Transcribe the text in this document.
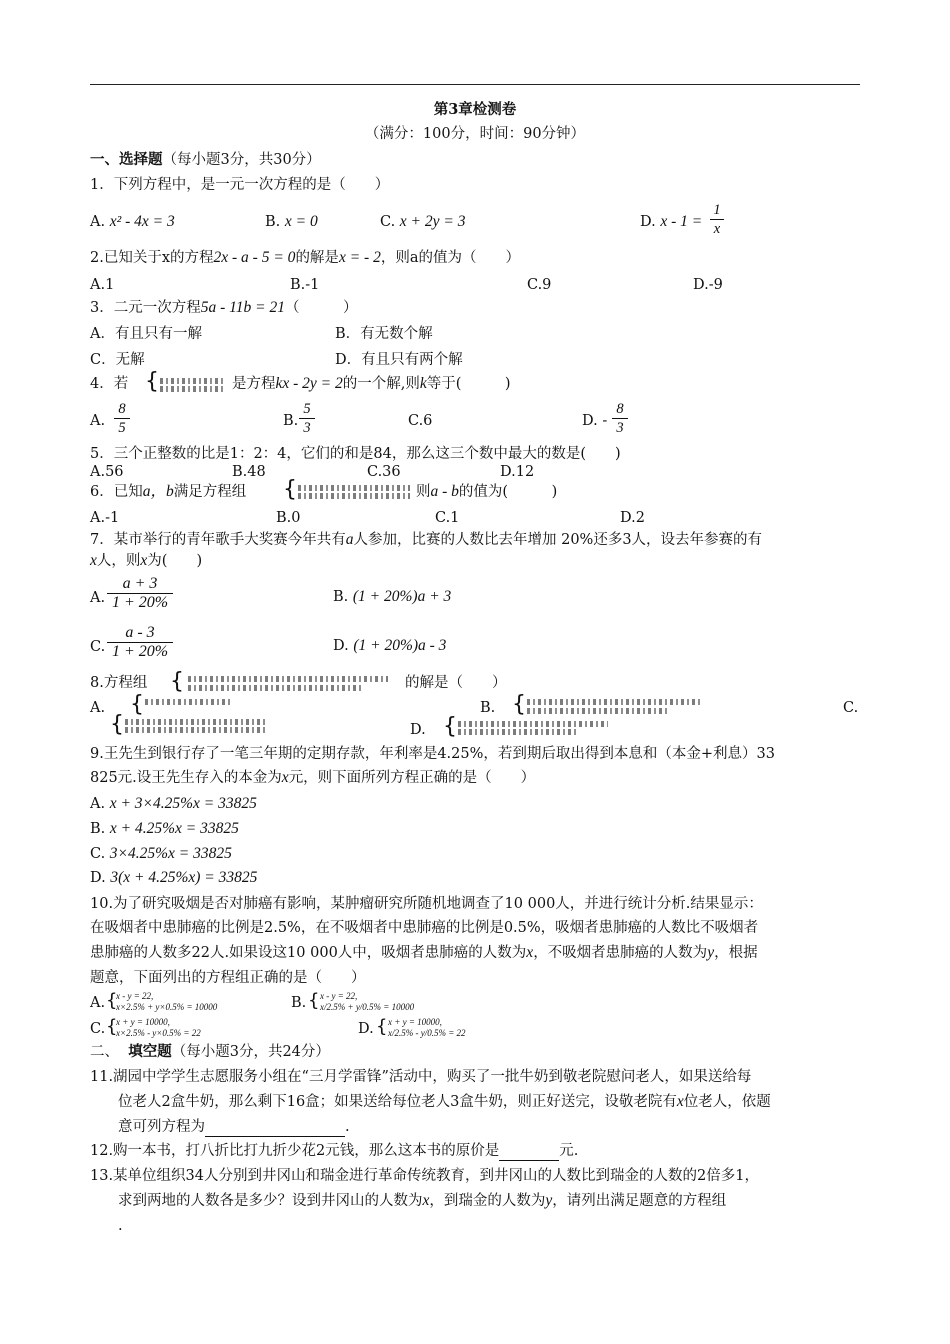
第3章检测卷
（满分：100分，时间：90分钟）
一、选择题（每小题3分，共30分）
1．下列方程中，是一元一次方程的是（　　）
A. x² - 4x = 3	B. x = 0	C. x + 2y = 3	D. $x - 1 = \frac{1}{x}$
2.已知关于x的方程2x - a - 5 = 0的解是x = - 2，则a的值为（　　）
A.1	B.-1	C.9	D.-9
3．二元一次方程5a - 11b = 21（　　　）
A．有且只有一解	B．有无数个解
C．无解	D．有且只有两个解
4．若 {	是方程kx - 2y = 2的一个解,则k等于(　　　)
A. $\frac{8}{5}$	B. $\frac{5}{3}$	C.6	D. - $\frac{8}{3}$
5．三个正整数的比是1：2：4，它们的和是84，那么这三个数中最大的数是(　　)
A.56	B.48	C.36	D.12
6．已知a，b满足方程组 {	则a - b的值为(　　　)
A.-1	B.0	C.1	D.2
7．某市举行的青年歌手大奖赛今年共有a人参加，比赛的人数比去年增加 20%还多3人，设去年参赛的有
x人，则x为(　　)
A. $\frac{a + 3}{1 + 20\%}$	B. (1 + 20%)a + 3
C. $\frac{a - 3}{1 + 20\%}$	D. (1 + 20%)a - 3
8.方程组 {	的解是（　　）
A. {
{
B. {	C.
D. {
9.王先生到银行存了一笔三年期的定期存款，年利率是4.25%，若到期后取出得到本息和（本金+利息）33
825元.设王先生存入的本金为x元，则下面所列方程正确的是（　　）
A. x + 3×4.25%x = 33825
B. x + 4.25%x = 33825
C. 3×4.25%x = 33825
D. 3(x + 4.25%x) = 33825
10.为了研究吸烟是否对肺癌有影响，某肿瘤研究所随机地调查了10 000人，并进行统计分析.结果显示：
在吸烟者中患肺癌的比例是2.5%，在不吸烟者中患肺癌的比例是0.5%，吸烟者患肺癌的人数比不吸烟者
患肺癌的人数多22人.如果设这10 000人中，吸烟者患肺癌的人数为x，不吸烟者患肺癌的人数为y，根据
题意，下面列出的方程组正确的是（　　）
A. {
x - y = 22,
x×2.5% + y×0.5% = 10000	B. { x - y = 22,
x/2.5% + y/0.5% = 10000
C. {
x + y = 10000,
x×2.5% - y×0.5% = 22	D. { x + y = 10000,
x/2.5% - y/0.5% = 22
二、 填空题（每小题3分，共24分）
11.湖园中学学生志愿服务小组在“三月学雷锋”活动中，购买了一批牛奶到敬老院慰问老人，如果送给每
位老人2盒牛奶，那么剩下16盒；如果送给每位老人3盒牛奶，则正好送完，设敬老院有x位老人，依题
意可列方程为	.
12.购一本书，打八折比打九折少花2元钱，那么这本书的原价是	元.
13.某单位组织34人分别到井冈山和瑞金进行革命传统教育，到井冈山的人数比到瑞金的人数的2倍多1，
求到两地的人数各是多少？设到井冈山的人数为x，到瑞金的人数为y，请列出满足题意的方程组
.
